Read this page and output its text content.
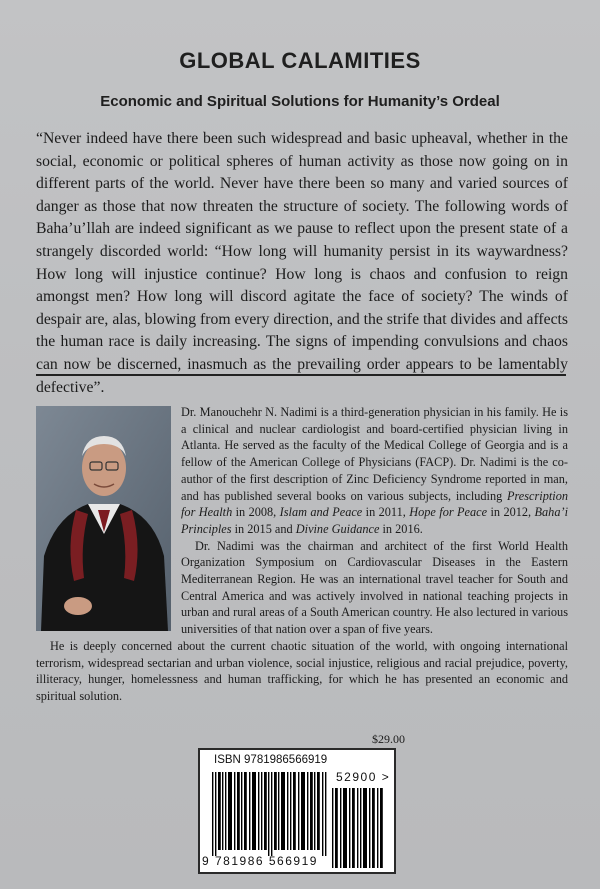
GLOBAL CALAMITIES
Economic and Spiritual Solutions for Humanity’s Ordeal
“Never indeed have there been such widespread and basic upheaval, whether in the social, economic or political spheres of human activity as those now going on in different parts of the world. Never have there been so many and varied sources of danger as those that now threaten the structure of society. The following words of Baha’u’llah are indeed significant as we pause to reflect upon the present state of a strangely discorded world: “How long will humanity persist in its waywardness? How long will injustice continue? How long is chaos and confusion to reign amongst men? How long will discord agitate the face of society? The winds of despair are, alas, blowing from every direction, and the strife that divides and affects the human race is daily increasing. The signs of impending convulsions and chaos can now be discerned, inasmuch as the prevailing order appears to be lamentably defective”.

Dr. Manouchehr N. Nadimi is a third-generation physician in his family. He is a clinical and nuclear cardiologist and board-certified physician living in Atlanta. He served as the faculty of the Medical College of Georgia and is a fellow of the American College of Physicians (FACP). Dr. Nadimi is the co-author of the first description of Zinc Deficiency Syndrome reported in man, and has published several books on various subjects, including Prescription for Health in 2008, Islam and Peace in 2011, Hope for Peace in 2012, Baha’i Principles in 2015 and Divine Guidance in 2016.

Dr. Nadimi was the chairman and architect of the first World Health Organization Symposium on Cardiovascular Diseases in the Eastern Mediterranean Region. He was an international travel teacher for South and Central America and was actively involved in national teaching projects in urban and rural areas of a South American country. He also lectured in various universities of that nation over a span of five years.

He is deeply concerned about the current chaotic situation of the world, with ongoing international terrorism, widespread sectarian and urban violence, social injustice, religious and racial prejudice, poverty, illiteracy, hunger, homelessness and human trafficking, for which he has presented an economic and spiritual solution.

$29.00
ISBN 9781986566919
9 781986 566919
52900 >
